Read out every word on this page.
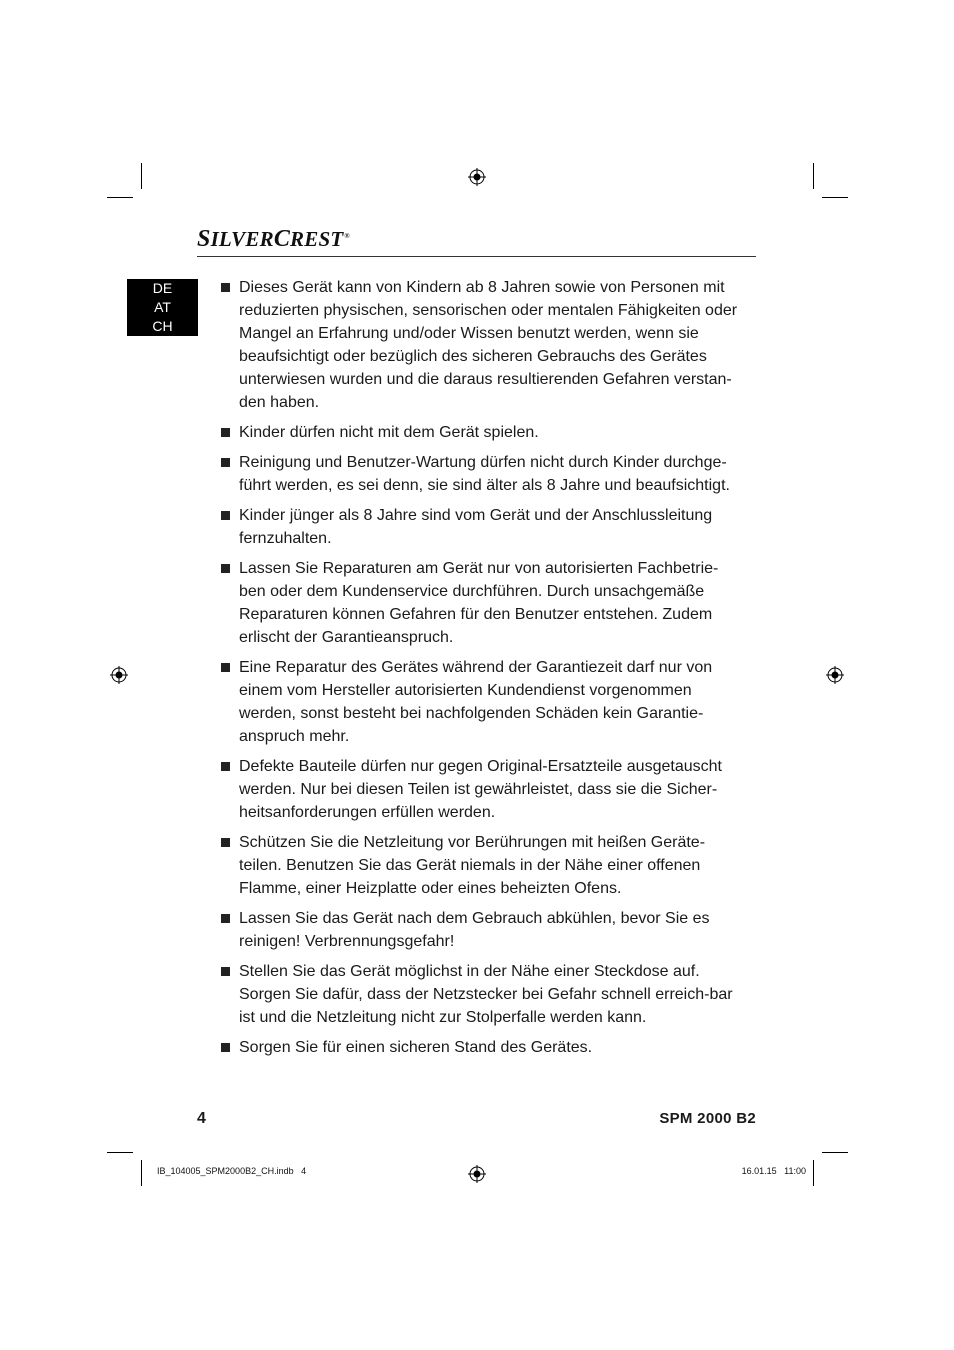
SILVERCREST®
DE
AT
CH
Dieses Gerät kann von Kindern ab 8 Jahren sowie von Personen mit reduzierten physischen, sensorischen oder mentalen Fähigkeiten oder Mangel an Erfahrung und/oder Wissen benutzt werden, wenn sie beaufsichtigt oder bezüglich des sicheren Gebrauchs des Gerätes unterwiesen wurden und die daraus resultierenden Gefahren verstan-den haben.
Kinder dürfen nicht mit dem Gerät spielen.
Reinigung und Benutzer-Wartung dürfen nicht durch Kinder durchge-führt werden, es sei denn, sie sind älter als 8 Jahre und beaufsichtigt.
Kinder jünger als 8 Jahre sind vom Gerät und der Anschlussleitung fernzuhalten.
Lassen Sie Reparaturen am Gerät nur von autorisierten Fachbetrie-ben oder dem Kundenservice durchführen. Durch unsachgemäße Reparaturen können Gefahren für den Benutzer entstehen. Zudem erlischt der Garantieanspruch.
Eine Reparatur des Gerätes während der Garantiezeit darf nur von einem vom Hersteller autorisierten Kundendienst vorgenommen werden, sonst besteht bei nachfolgenden Schäden kein Garantie-anspruch mehr.
Defekte Bauteile dürfen nur gegen Original-Ersatzteile ausgetauscht werden. Nur bei diesen Teilen ist gewährleistet, dass sie die Sicher-heitsanforderungen erfüllen werden.
Schützen Sie die Netzleitung vor Berührungen mit heißen Geräte-teilen. Benutzen Sie das Gerät niemals in der Nähe einer offenen Flamme, einer Heizplatte oder eines beheizten Ofens.
Lassen Sie das Gerät nach dem Gebrauch abkühlen, bevor Sie es reinigen! Verbrennungsgefahr!
Stellen Sie das Gerät möglichst in der Nähe einer Steckdose auf. Sorgen Sie dafür, dass der Netzstecker bei Gefahr schnell erreich-bar ist und die Netzleitung nicht zur Stolperfalle werden kann.
Sorgen Sie für einen sicheren Stand des Gerätes.
4	SPM 2000 B2
IB_104005_SPM2000B2_CH.indb   4	16.01.15   11:00
